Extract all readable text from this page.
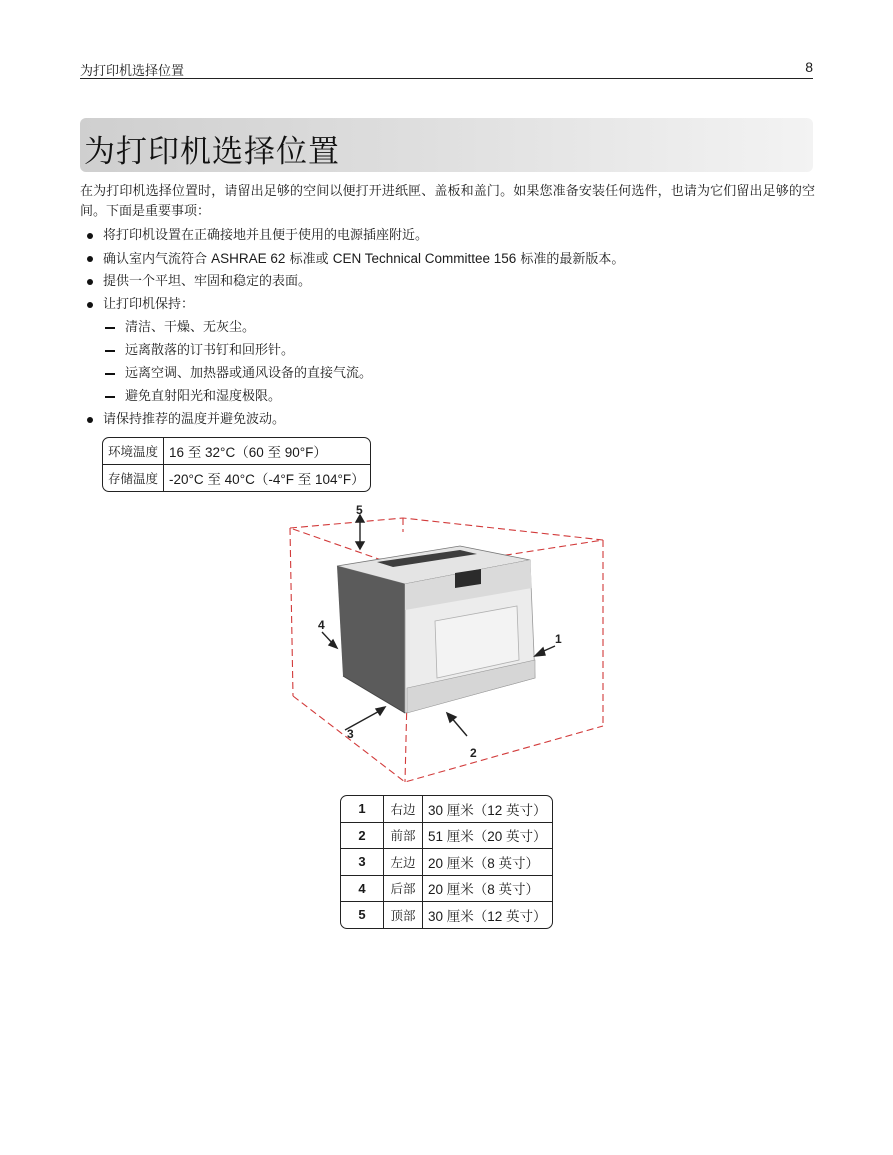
为打印机选择位置	8
为打印机选择位置
在为打印机选择位置时，请留出足够的空间以便打开进纸匣、盖板和盖门。如果您准备安装任何选件，也请为它们留出足够的空间。下面是重要事项：
将打印机设置在正确接地并且便于使用的电源插座附近。
确认室内气流符合 ASHRAE 62 标准或 CEN Technical Committee 156 标准的最新版本。
提供一个平坦、牢固和稳定的表面。
让打印机保持：
清洁、干燥、无灰尘。
远离散落的订书钉和回形针。
远离空调、加热器或通风设备的直接气流。
避免直射阳光和湿度极限。
请保持推荐的温度并避免波动。
环境温度	16 至 32°C（60 至 90°F）
存储温度	-20°C 至 40°C（-4°F 至 104°F）
5
1
2
3
4
1	右边	30 厘米（12 英寸）
2	前部	51 厘米（20 英寸）
3	左边	20 厘米（8 英寸）
4	后部	20 厘米（8 英寸）
5	顶部	30 厘米（12 英寸）
